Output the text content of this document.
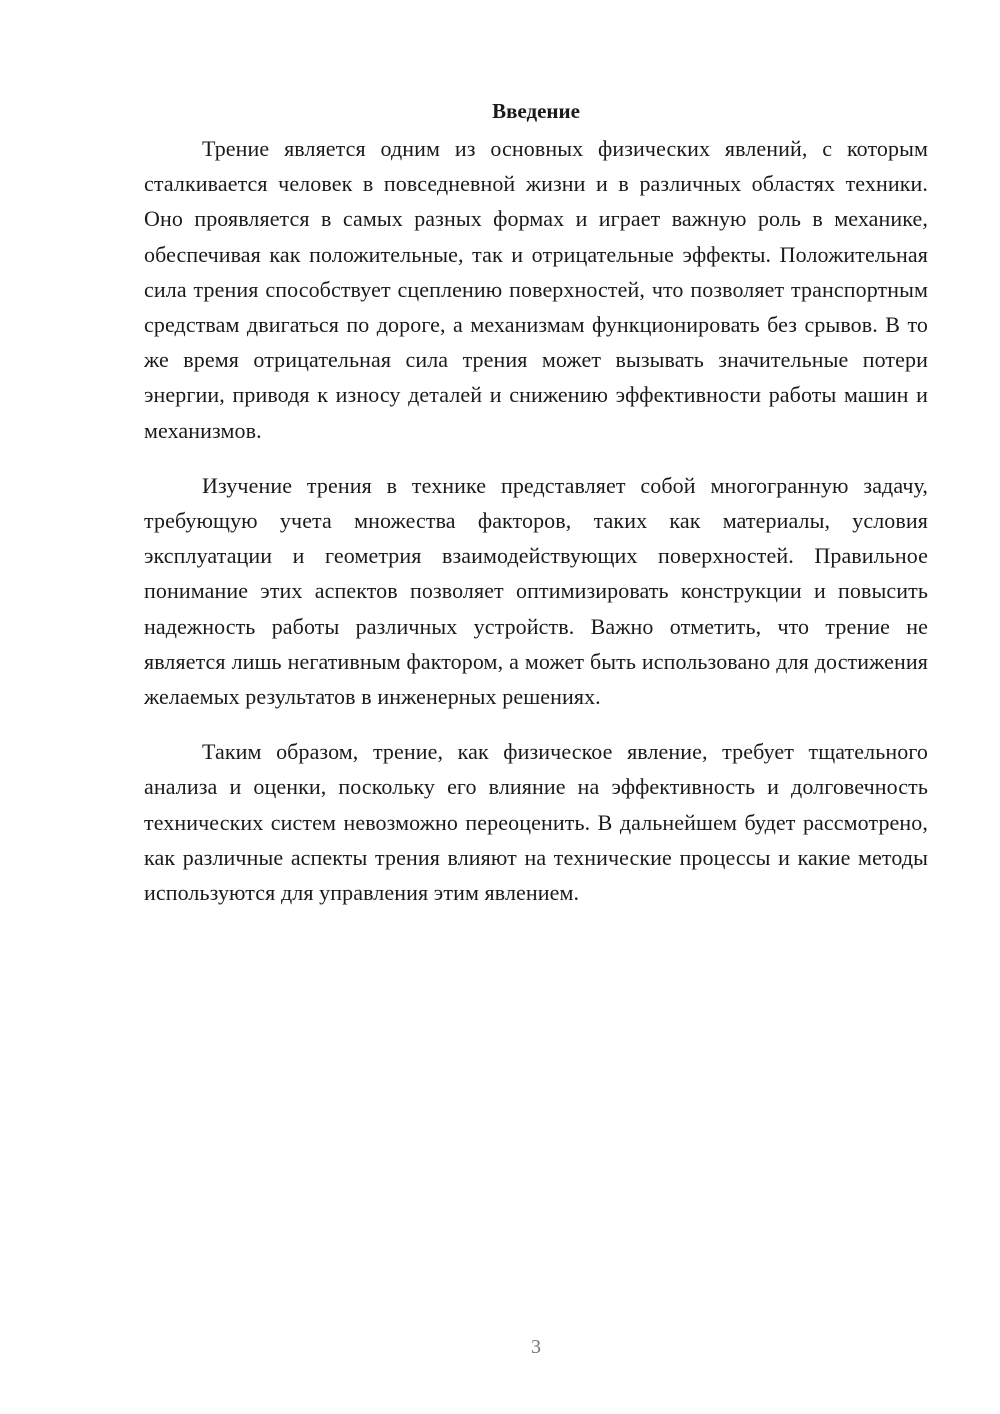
Введение

Трение является одним из основных физических явлений, с которым сталкивается человек в повседневной жизни и в различных областях техники. Оно проявляется в самых разных формах и играет важную роль в механике, обеспечивая как положительные, так и отрицательные эффекты. Положительная сила трения способствует сцеплению поверхностей, что позволяет транспортным средствам двигаться по дороге, а механизмам функционировать без срывов. В то же время отрицательная сила трения может вызывать значительные потери энергии, приводя к износу деталей и снижению эффективности работы машин и механизмов.

Изучение трения в технике представляет собой многогранную задачу, требующую учета множества факторов, таких как материалы, условия эксплуатации и геометрия взаимодействующих поверхностей. Правильное понимание этих аспектов позволяет оптимизировать конструкции и повысить надежность работы различных устройств. Важно отметить, что трение не является лишь негативным фактором, а может быть использовано для достижения желаемых результатов в инженерных решениях.

Таким образом, трение, как физическое явление, требует тщательного анализа и оценки, поскольку его влияние на эффективность и долговечность технических систем невозможно переоценить. В дальнейшем будет рассмотрено, как различные аспекты трения влияют на технические процессы и какие методы используются для управления этим явлением.

3
